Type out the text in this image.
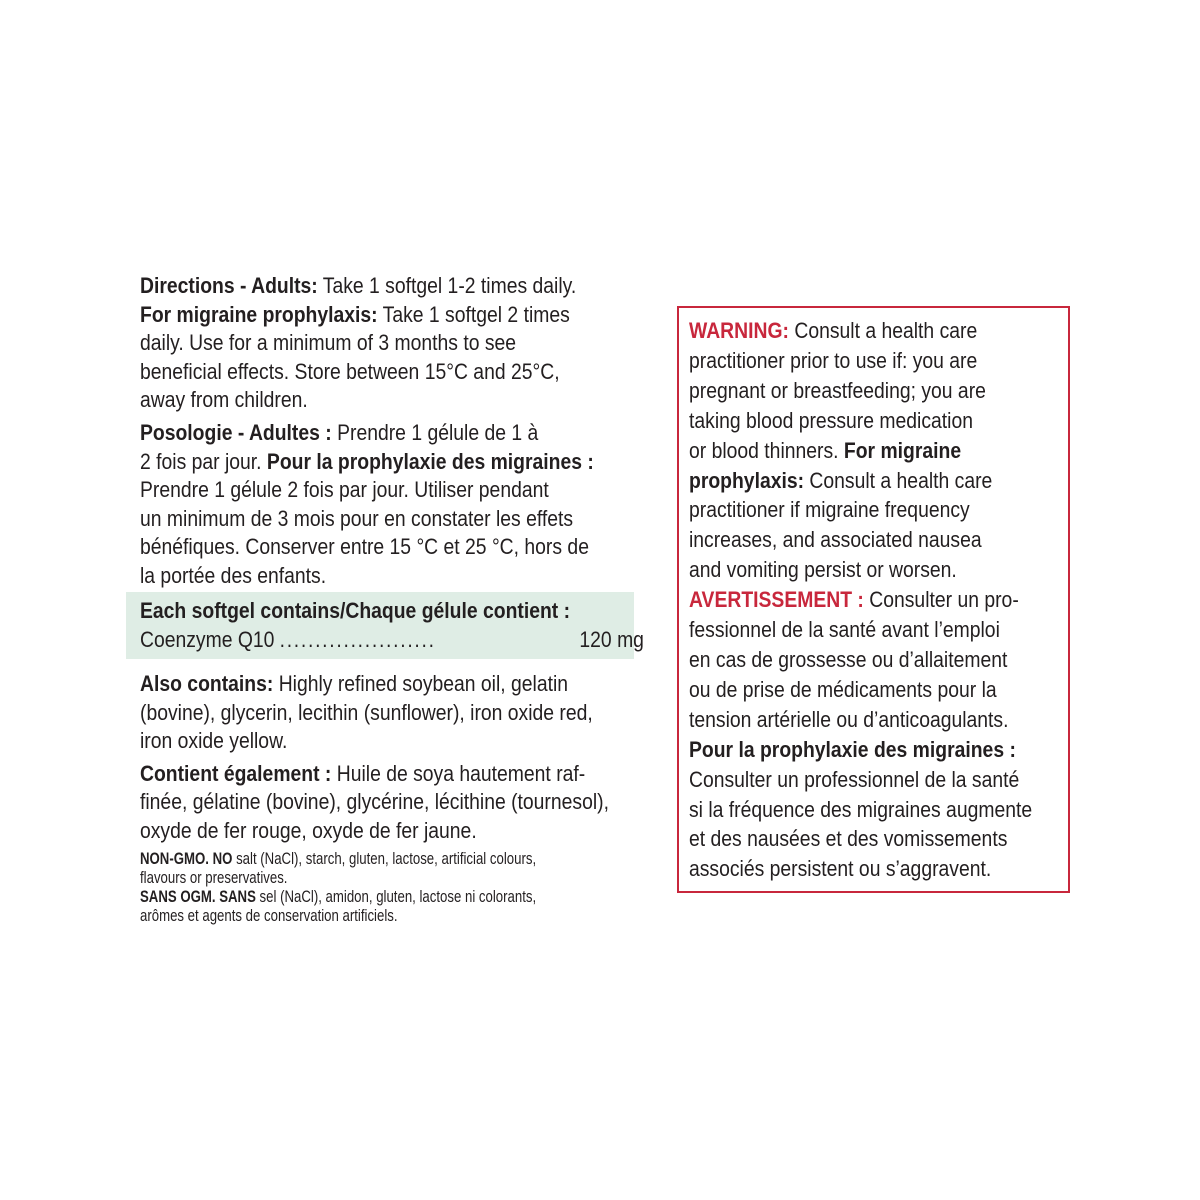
Directions - Adults: Take 1 softgel 1-2 times daily.
For migraine prophylaxis: Take 1 softgel 2 times
daily. Use for a minimum of 3 months to see
beneficial effects. Store between 15°C and 25°C,
away from children.
Posologie - Adultes : Prendre 1 gélule de 1 à
2 fois par jour. Pour la prophylaxie des migraines :
Prendre 1 gélule 2 fois par jour. Utiliser pendant
un minimum de 3 mois pour en constater les effets
bénéfiques. Conserver entre 15 °C et 25 °C, hors de
la portée des enfants.
Each softgel contains/Chaque gélule contient :
Coenzyme Q10 ......................	120 mg
Also contains: Highly refined soybean oil, gelatin
(bovine), glycerin, lecithin (sunflower), iron oxide red,
iron oxide yellow.
Contient également : Huile de soya hautement raf-
finée, gélatine (bovine), glycérine, lécithine (tournesol),
oxyde de fer rouge, oxyde de fer jaune.
NON-GMO. NO salt (NaCl), starch, gluten, lactose, artificial colours,
flavours or preservatives.
SANS OGM. SANS sel (NaCl), amidon, gluten, lactose ni colorants,
arômes et agents de conservation artificiels.
WARNING: Consult a health care
practitioner prior to use if: you are
pregnant or breastfeeding; you are
taking blood pressure medication
or blood thinners. For migraine
prophylaxis: Consult a health care
practitioner if migraine frequency
increases, and associated nausea
and vomiting persist or worsen.
AVERTISSEMENT : Consulter un pro-
fessionnel de la santé avant l’emploi
en cas de grossesse ou d’allaitement
ou de prise de médicaments pour la
tension artérielle ou d’anticoagulants.
Pour la prophylaxie des migraines :
Consulter un professionnel de la santé
si la fréquence des migraines augmente
et des nausées et des vomissements
associés persistent ou s’aggravent.
